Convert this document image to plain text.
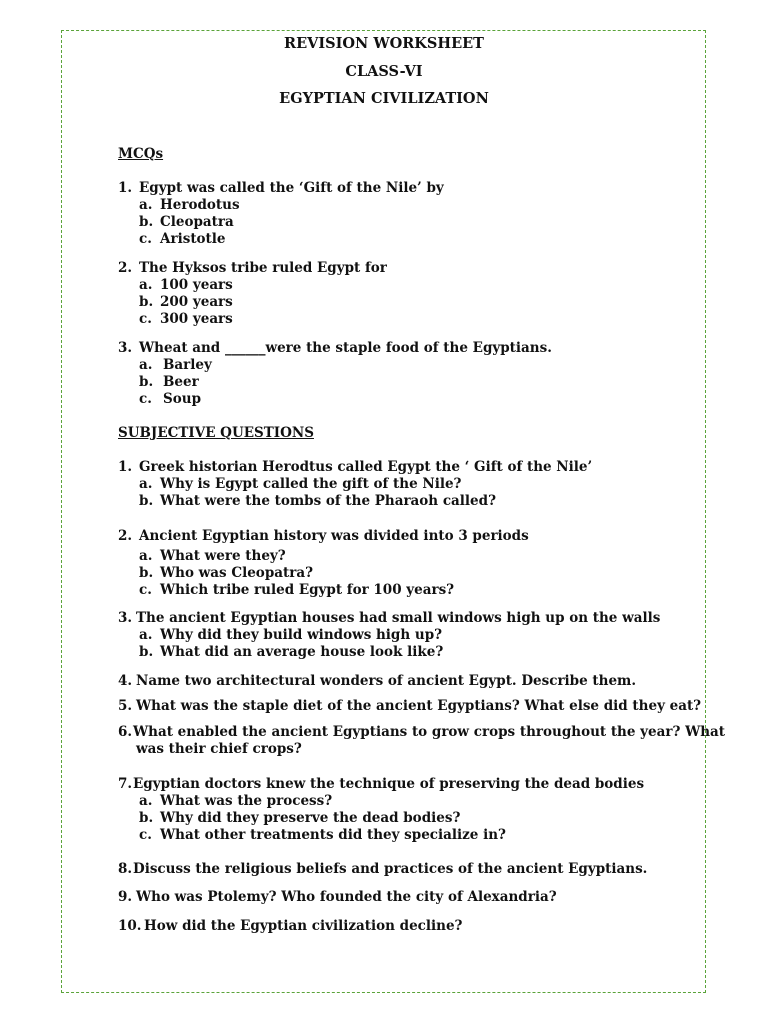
REVISION WORKSHEET
CLASS-VI
EGYPTIAN CIVILIZATION
MCQs
1. Egypt was called the ‘Gift of the Nile’ by
a. Herodotus
b. Cleopatra
c. Aristotle
2. The Hyksos tribe ruled Egypt for
a. 100 years
b. 200 years
c. 300 years
3. Wheat and ______were the staple food of the Egyptians.
a. Barley
b. Beer
c. Soup
SUBJECTIVE QUESTIONS
1. Greek historian Herodtus called Egypt the ‘ Gift of the Nile’
a. Why is Egypt called the gift of the Nile?
b. What were the tombs of the Pharaoh called?
2. Ancient Egyptian history was divided into 3 periods
a. What were they?
b. Who was Cleopatra?
c. Which tribe ruled Egypt for 100 years?
3. The ancient Egyptian houses had small windows high up on the walls
a. Why did they build windows high up?
b. What did an average house look like?
4. Name two architectural wonders of ancient Egypt. Describe them.
5. What was the staple diet of the ancient Egyptians? What else did they eat?
6. What enabled the ancient Egyptians to grow crops throughout the year? What
was their chief crops?
7. Egyptian doctors knew the technique of preserving the dead bodies
a. What was the process?
b. Why did they preserve the dead bodies?
c. What other treatments did they specialize in?
8. Discuss the religious beliefs and practices of the ancient Egyptians.
9. Who was Ptolemy? Who founded the city of Alexandria?
10. How did the Egyptian civilization decline?
